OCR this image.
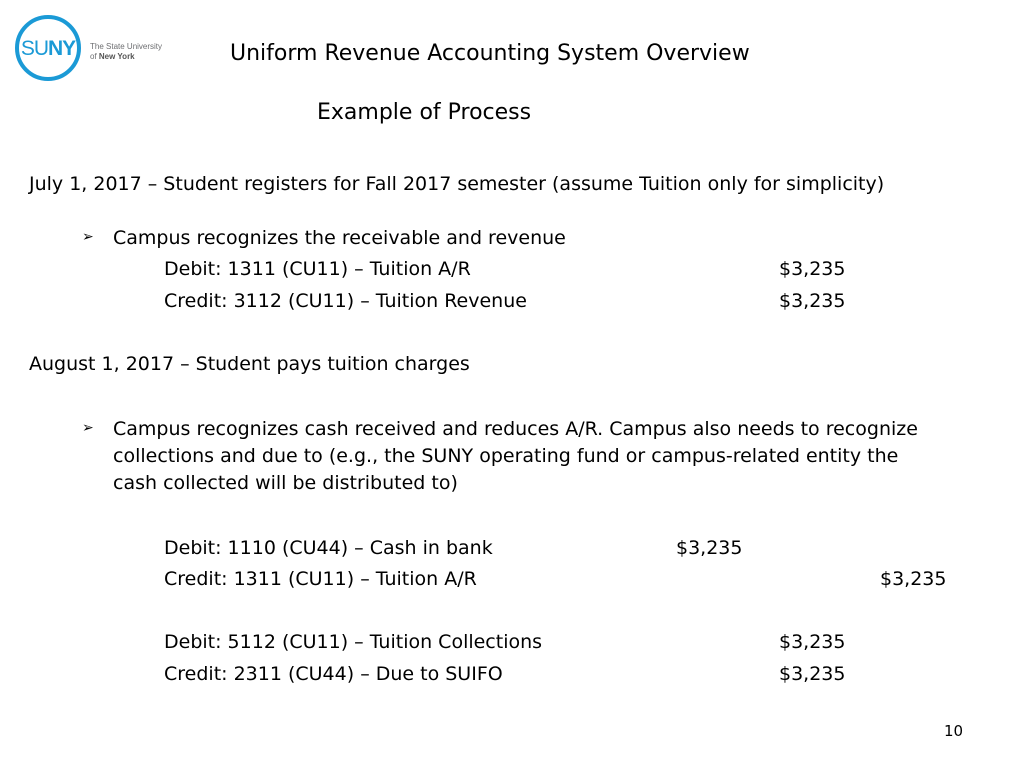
SUNY The State University
of New York	Uniform Revenue Accounting System Overview
Example of Process
July 1, 2017 – Student registers for Fall 2017 semester (assume Tuition only for simplicity)
➢ Campus recognizes the receivable and revenue
Debit: 1311 (CU11) – Tuition A/R	$3,235
Credit: 3112 (CU11) – Tuition Revenue	$3,235
August 1, 2017 – Student pays tuition charges
➢ Campus recognizes cash received and reduces A/R. Campus also needs to recognize
collections and due to (e.g., the SUNY operating fund or campus-related entity the
cash collected will be distributed to)
Debit: 1110 (CU44) – Cash in bank	$3,235
Credit: 1311 (CU11) – Tuition A/R	$3,235
Debit: 5112 (CU11) – Tuition Collections	$3,235
Credit: 2311 (CU44) – Due to SUIFO	$3,235
10
